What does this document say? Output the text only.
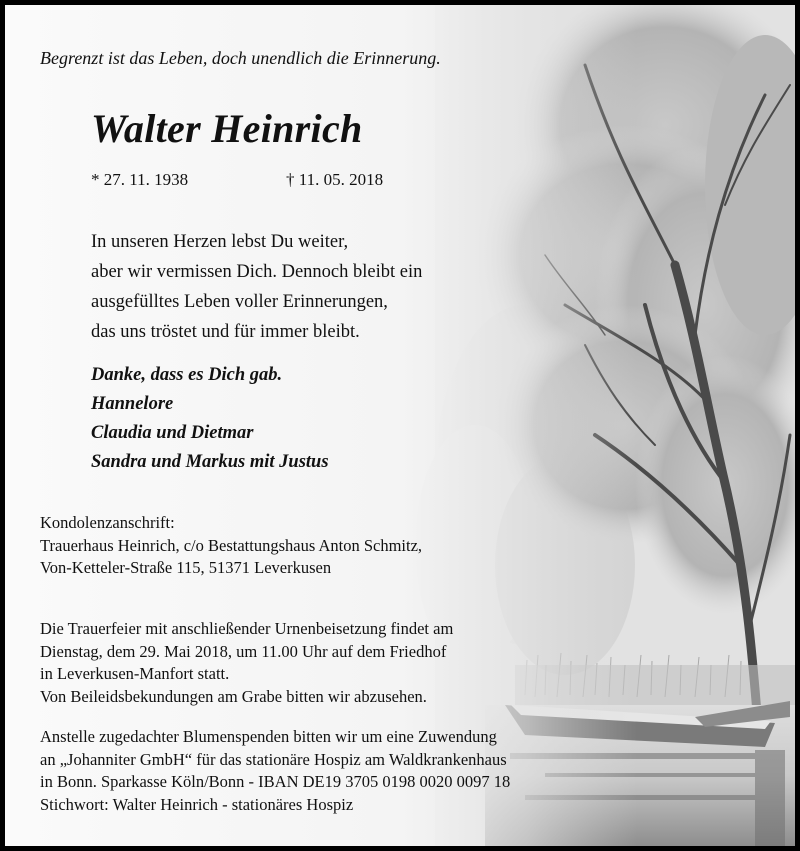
Begrenzt ist das Leben, doch unendlich die Erinnerung.
Walter Heinrich
* 27. 11. 1938	† 11. 05. 2018
In unseren Herzen lebst Du weiter,
aber wir vermissen Dich. Dennoch bleibt ein
ausgefülltes Leben voller Erinnerungen,
das uns tröstet und für immer bleibt.
Danke, dass es Dich gab.
Hannelore
Claudia und Dietmar
Sandra und Markus mit Justus
Kondolenzanschrift:
Trauerhaus Heinrich, c/o Bestattungshaus Anton Schmitz,
Von-Ketteler-Straße 115, 51371 Leverkusen
Die Trauerfeier mit anschließender Urnenbeisetzung findet am
Dienstag, dem 29. Mai 2018, um 11.00 Uhr auf dem Friedhof
in Leverkusen-Manfort statt.
Von Beileidsbekundungen am Grabe bitten wir abzusehen.
Anstelle zugedachter Blumenspenden bitten wir um eine Zuwendung
an „Johanniter GmbH“ für das stationäre Hospiz am Waldkrankenhaus
in Bonn. Sparkasse Köln/Bonn - IBAN DE19 3705 0198 0020 0097 18
Stichwort: Walter Heinrich - stationäres Hospiz
